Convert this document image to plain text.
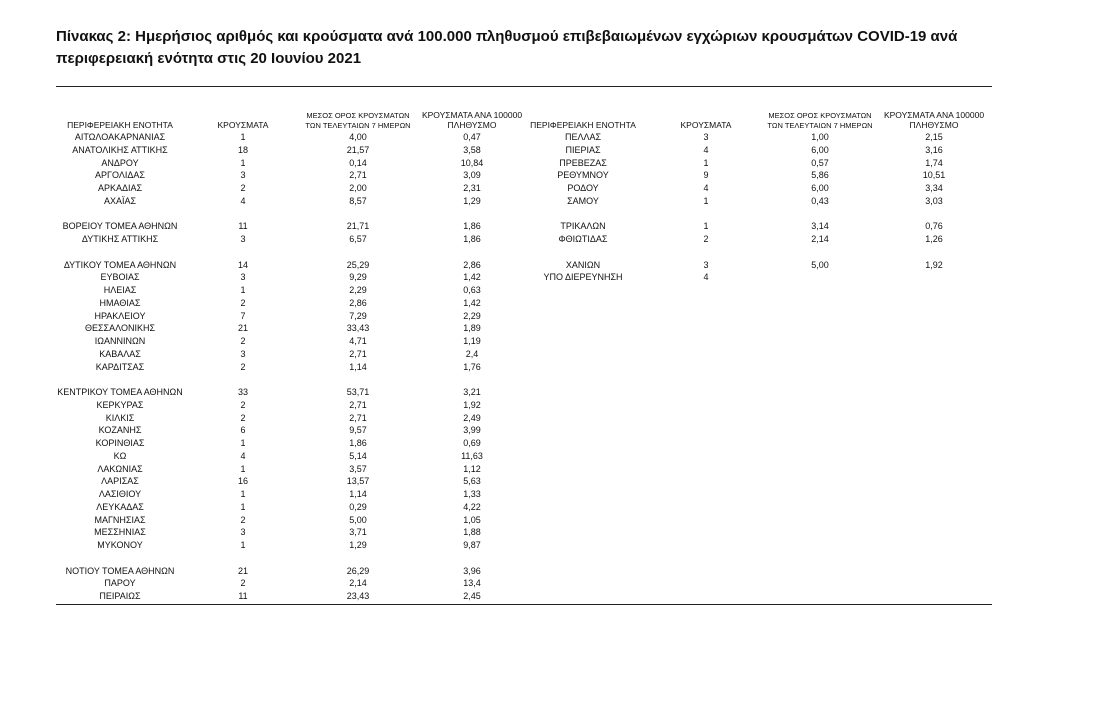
Πίνακας 2: Ημερήσιος αριθμός και κρούσματα ανά 100.000 πληθυσμού επιβεβαιωμένων εγχώριων κρουσμάτων COVID-19 ανά περιφερειακή ενότητα στις 20 Ιουνίου 2021
ΠΕΡΙΦΕΡΕΙΑΚΗ ΕΝΟΤΗΤΑ	ΚΡΟΥΣΜΑΤΑ
ΜΕΣΟΣ ΟΡΟΣ ΚΡΟΥΣΜΑΤΩΝ
ΤΩΝ ΤΕΛΕΥΤΑΙΩΝ 7 ΗΜΕΡΩΝ
ΚΡΟΥΣΜΑΤΑ ΑΝΑ 100000
ΠΛΗΘΥΣΜΟ
ΑΙΤΩΛΟΑΚΑΡΝΑΝΙΑΣ	1	4,00	0,47
ΑΝΑΤΟΛΙΚΗΣ ΑΤΤΙΚΗΣ	18	21,57	3,58
ΑΝΔΡΟΥ	1	0,14	10,84
ΑΡΓΟΛΙΔΑΣ	3	2,71	3,09
ΑΡΚΑΔΙΑΣ	2	2,00	2,31
ΑΧΑΪΑΣ	4	8,57	1,29
ΒΟΡΕΙΟΥ ΤΟΜΕΑ ΑΘΗΝΩΝ	11	21,71	1,86
ΔΥΤΙΚΗΣ ΑΤΤΙΚΗΣ	3	6,57	1,86
ΔΥΤΙΚΟΥ ΤΟΜΕΑ ΑΘΗΝΩΝ	14	25,29	2,86
ΕΥΒΟΙΑΣ	3	9,29	1,42
ΗΛΕΙΑΣ	1	2,29	0,63
ΗΜΑΘΙΑΣ	2	2,86	1,42
ΗΡΑΚΛΕΙΟΥ	7	7,29	2,29
ΘΕΣΣΑΛΟΝΙΚΗΣ	21	33,43	1,89
ΙΩΑΝΝΙΝΩΝ	2	4,71	1,19
ΚΑΒΑΛΑΣ	3	2,71	2,4
ΚΑΡΔΙΤΣΑΣ	2	1,14	1,76
ΚΕΝΤΡΙΚΟΥ ΤΟΜΕΑ ΑΘΗΝΩΝ	33	53,71	3,21
ΚΕΡΚΥΡΑΣ	2	2,71	1,92
ΚΙΛΚΙΣ	2	2,71	2,49
ΚΟΖΑΝΗΣ	6	9,57	3,99
ΚΟΡΙΝΘΙΑΣ	1	1,86	0,69
ΚΩ	4	5,14	11,63
ΛΑΚΩΝΙΑΣ	1	3,57	1,12
ΛΑΡΙΣΑΣ	16	13,57	5,63
ΛΑΣΙΘΙΟΥ	1	1,14	1,33
ΛΕΥΚΑΔΑΣ	1	0,29	4,22
ΜΑΓΝΗΣΙΑΣ	2	5,00	1,05
ΜΕΣΣΗΝΙΑΣ	3	3,71	1,88
ΜΥΚΟΝΟΥ	1	1,29	9,87
ΝΟΤΙΟΥ ΤΟΜΕΑ ΑΘΗΝΩΝ	21	26,29	3,96
ΠΑΡΟΥ	2	2,14	13,4
ΠΕΙΡΑΙΩΣ	11	23,43	2,45
ΠΕΡΙΦΕΡΕΙΑΚΗ ΕΝΟΤΗΤΑ	ΚΡΟΥΣΜΑΤΑ
ΜΕΣΟΣ ΟΡΟΣ ΚΡΟΥΣΜΑΤΩΝ
ΤΩΝ ΤΕΛΕΥΤΑΙΩΝ 7 ΗΜΕΡΩΝ
ΚΡΟΥΣΜΑΤΑ ΑΝΑ 100000
ΠΛΗΘΥΣΜΟ
ΠΕΛΛΑΣ	3	1,00	2,15
ΠΙΕΡΙΑΣ	4	6,00	3,16
ΠΡΕΒΕΖΑΣ	1	0,57	1,74
ΡΕΘΥΜΝΟΥ	9	5,86	10,51
ΡΟΔΟΥ	4	6,00	3,34
ΣΑΜΟΥ	1	0,43	3,03
ΤΡΙΚΑΛΩΝ	1	3,14	0,76
ΦΘΙΩΤΙΔΑΣ	2	2,14	1,26
ΧΑΝΙΩΝ	3	5,00	1,92
ΥΠΟ ΔΙΕΡΕΥΝΗΣΗ	4
